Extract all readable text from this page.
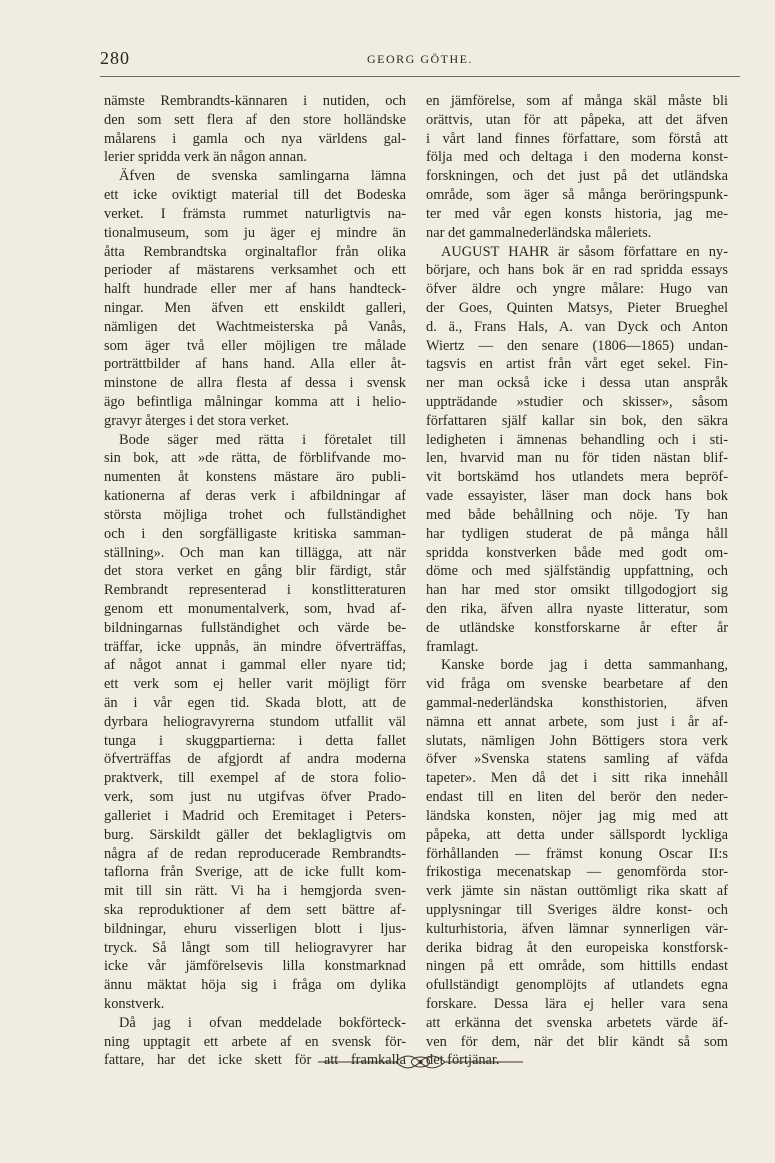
280	GEORG GÖTHE.
nämste Rembrandts-kännaren i nutiden, och
den som sett flera af den store holländske
målarens i gamla och nya världens gal-
lerier spridda verk än någon annan.
Äfven de svenska samlingarna lämna
ett icke oviktigt material till det Bodeska
verket. I främsta rummet naturligtvis na-
tionalmuseum, som ju äger ej mindre än
åtta Rembrandtska orginaltaflor från olika
perioder af mästarens verksamhet och ett
halft hundrade eller mer af hans handteck-
ningar. Men äfven ett enskildt galleri,
nämligen det Wachtmeisterska på Vanås,
som äger två eller möjligen tre målade
porträttbilder af hans hand. Alla eller åt-
minstone de allra flesta af dessa i svensk
ägo befintliga målningar komma att i helio-
gravyr återges i det stora verket.
Bode säger med rätta i företalet till
sin bok, att »de rätta, de förblifvande mo-
numenten åt konstens mästare äro publi-
kationerna af deras verk i afbildningar af
största möjliga trohet och fullständighet
och i den sorgfälligaste kritiska samman-
ställning». Och man kan tillägga, att när
det stora verket en gång blir färdigt, står
Rembrandt representerad i konstlitteraturen
genom ett monumentalverk, som, hvad af-
bildningarnas fullständighet och värde be-
träffar, icke uppnås, än mindre öfverträffas,
af något annat i gammal eller nyare tid;
ett verk som ej heller varit möjligt förr
än i vår egen tid. Skada blott, att de
dyrbara heliogravyrerna stundom utfallit väl
tunga i skuggpartierna: i detta fallet
öfverträffas de afgjordt af andra moderna
praktverk, till exempel af de stora folio-
verk, som just nu utgifvas öfver Prado-
galleriet i Madrid och Eremitaget i Peters-
burg. Särskildt gäller det beklagligtvis om
några af de redan reproducerade Rembrandts-
taflorna från Sverige, att de icke fullt kom-
mit till sin rätt. Vi ha i hemgjorda sven-
ska reproduktioner af dem sett bättre af-
bildningar, ehuru visserligen blott i ljus-
tryck. Så långt som till heliogravyrer har
icke vår jämförelsevis lilla konstmarknad
ännu mäktat höja sig i fråga om dylika
konstverk.
Då jag i ofvan meddelade bokförteck-
ning upptagit ett arbete af en svensk för-
fattare, har det icke skett för att framkalla
en jämförelse, som af många skäl måste bli
orättvis, utan för att påpeka, att det äfven
i vårt land finnes författare, som förstå att
följa med och deltaga i den moderna konst-
forskningen, och det just på det utländska
område, som äger så många beröringspunk-
ter med vår egen konsts historia, jag me-
nar det gammalnederländska måleriets.
AUGUST HAHR är såsom författare en ny-
börjare, och hans bok är en rad spridda essays
öfver äldre och yngre målare: Hugo van
der Goes, Quinten Matsys, Pieter Brueghel
d. ä., Frans Hals, A. van Dyck och Anton
Wiertz — den senare (1806—1865) undan-
tagsvis en artist från vårt eget sekel. Fin-
ner man också icke i dessa utan anspråk
uppträdande »studier och skisser», såsom
författaren själf kallar sin bok, den säkra
ledigheten i ämnenas behandling och i sti-
len, hvarvid man nu för tiden nästan blif-
vit bortskämd hos utlandets mera bepröf-
vade essayister, läser man dock hans bok
med både behållning och nöje. Ty han
har tydligen studerat de på många håll
spridda konstverken både med godt om-
döme och med själfständig uppfattning, och
han har med stor omsikt tillgodogjort sig
den rika, äfven allra nyaste litteratur, som
de utländske konstforskarne år efter år
framlagt.
Kanske borde jag i detta sammanhang,
vid fråga om svenske bearbetare af den
gammal-nederländska konsthistorien, äfven
nämna ett annat arbete, som just i år af-
slutats, nämligen John Böttigers stora verk
öfver »Svenska statens samling af väfda
tapeter». Men då det i sitt rika innehåll
endast till en liten del berör den neder-
ländska konsten, nöjer jag mig med att
påpeka, att detta under sällspordt lyckliga
förhållanden — främst konung Oscar II:s
frikostiga mecenatskap — genomförda stor-
verk jämte sin nästan outtömligt rika skatt af
upplysningar till Sveriges äldre konst- och
kulturhistoria, äfven lämnar synnerligen vär-
derika bidrag åt den europeiska konstforsk-
ningen på ett område, som hittills endast
ofullständigt genomplöjts af utlandets egna
forskare. Dessa lära ej heller vara sena
att erkänna det svenska arbetets värde äf-
ven för dem, när det blir kändt så som
det förtjänar.
